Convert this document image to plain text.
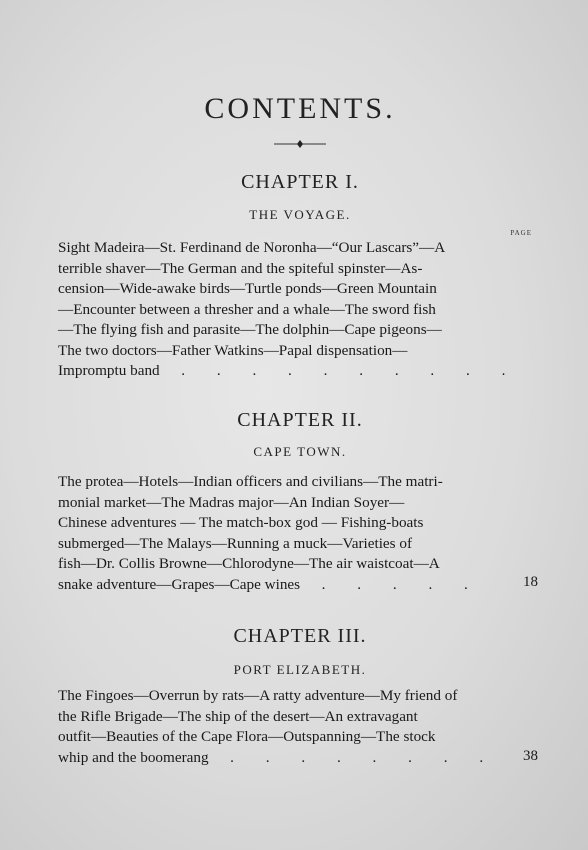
CONTENTS.
CHAPTER I.
THE VOYAGE.
PAGE
Sight Madeira—St. Ferdinand de Noronha—“Our Lascars”—A
terrible shaver—The German and the spiteful spinster—As-
cension—Wide-awake birds—Turtle ponds—Green Mountain
—Encounter between a thresher and a whale—The sword fish
—The flying fish and parasite—The dolphin—Cape pigeons—
The two doctors—Father Watkins—Papal dispensation—
Impromptu band  . . . . . . . . . .
CHAPTER II.
CAPE TOWN.
The protea—Hotels—Indian officers and civilians—The matri-
monial market—The Madras major—An Indian Soyer—
Chinese adventures — The match-box god — Fishing-boats
submerged—The Malays—Running a muck—Varieties of
fish—Dr. Collis Browne—Chlorodyne—The air waistcoat—A
snake adventure—Grapes—Cape wines  . . . . .	18
CHAPTER III.
PORT ELIZABETH.
The Fingoes—Overrun by rats—A ratty adventure—My friend of
the Rifle Brigade—The ship of the desert—An extravagant
outfit—Beauties of the Cape Flora—Outspanning—The stock
whip and the boomerang  . . . . . . . .	38
